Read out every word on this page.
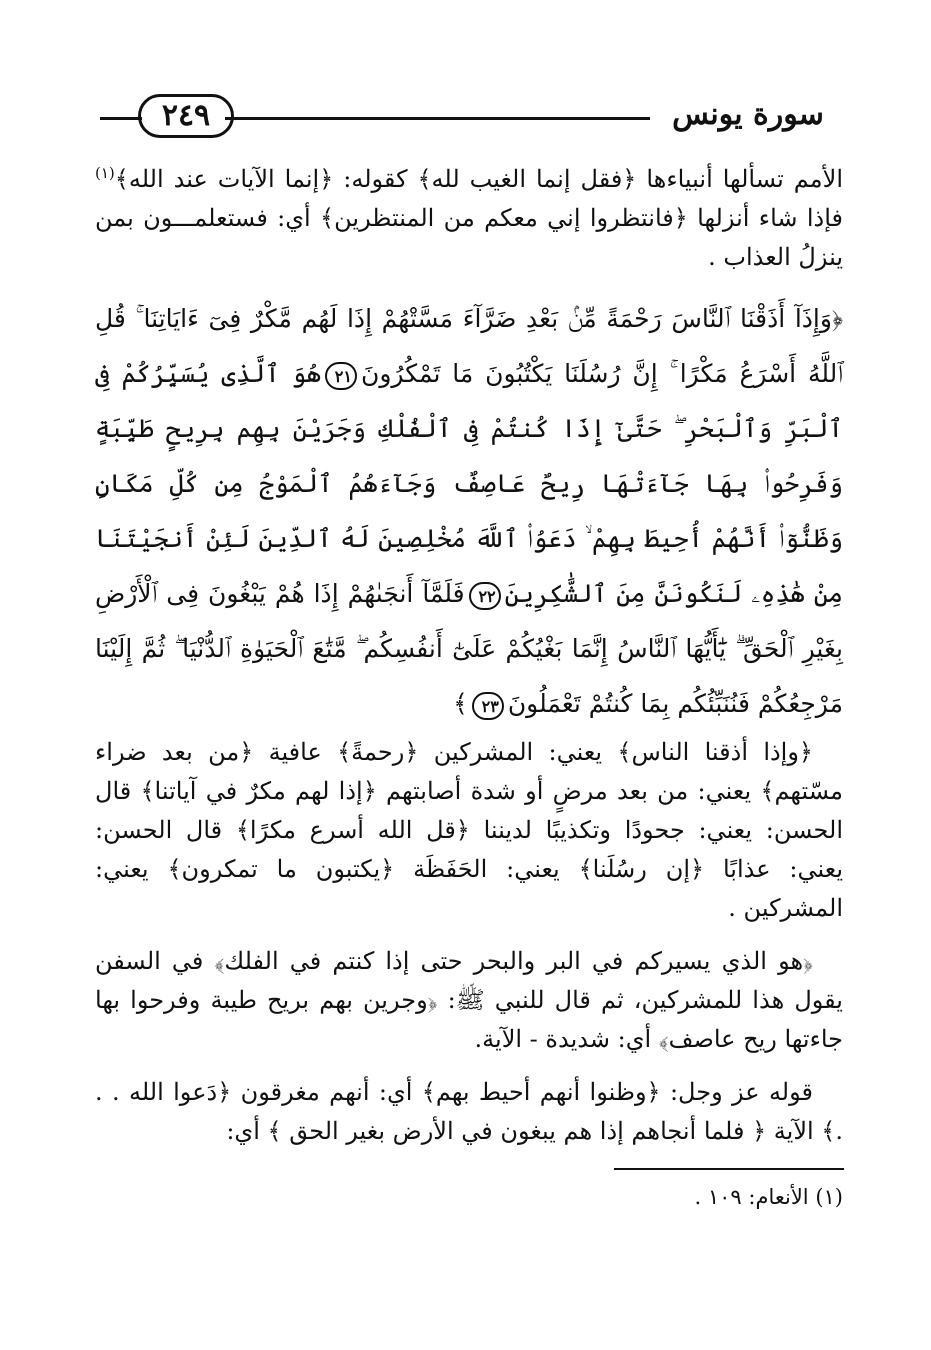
٢٤٩	سورة يونس

الأمم تسألها أنبياءها ﴿فقل إنما الغيب لله﴾ كقوله: ﴿إنما الآيات عند الله﴾$^{(١)}$ فإذا شاء أنزلها ﴿فانتظروا إني معكم من المنتظرين﴾ أي: فستعلمـــون بمن ينزلُ العذاب .

﴿وَإِذَآ أَذَقْنَا ٱلنَّاسَ رَحْمَةً مِّنۢ بَعْدِ ضَرَّآءَ مَسَّتْهُمْ إِذَا لَهُم مَّكْرٌ فِىٓ ءَايَاتِنَا ۚ قُلِ ٱللَّهُ أَسْرَعُ مَكْرًا ۚ إِنَّ رُسُلَنَا يَكْتُبُونَ مَا تَمْكُرُونَ٢١هُوَ ٱلَّذِى يُسَيِّرُكُمْ فِى ٱلْبَرِّ وَٱلْبَحْرِ ۖ حَتَّىٰٓ إِذَا كُنتُمْ فِى ٱلْفُلْكِ وَجَرَيْنَ بِهِم بِرِيحٍ طَيِّبَةٍ وَفَرِحُوا۟ بِهَا جَآءَتْهَا رِيحٌ عَاصِفٌ وَجَآءَهُمُ ٱلْمَوْجُ مِن كُلِّ مَكَانٍ وَظَنُّوٓا۟ أَنَّهُمْ أُحِيطَ بِهِمْ ۙ دَعَوُا۟ ٱللَّهَ مُخْلِصِينَ لَهُ ٱلدِّينَ لَئِنْ أَنجَيْتَنَا مِنْ هَٰذِهِۦ لَنَكُونَنَّ مِنَ ٱلشَّٰكِرِينَ٢٢فَلَمَّآ أَنجَىٰهُمْ إِذَا هُمْ يَبْغُونَ فِى ٱلْأَرْضِ بِغَيْرِ ٱلْحَقِّ ۗ يَٰٓأَيُّهَا ٱلنَّاسُ إِنَّمَا بَغْيُكُمْ عَلَىٰٓ أَنفُسِكُم ۖ مَّتَٰعَ ٱلْحَيَوٰةِ ٱلدُّنْيَا ۖ ثُمَّ إِلَيْنَا مَرْجِعُكُمْ فَنُنَبِّئُكُم بِمَا كُنتُمْ تَعْمَلُونَ٢٣﴾

﴿وإذا أذقنا الناس﴾ يعني: المشركين ﴿رحمةً﴾ عافية ﴿من بعد ضراء مسّتهم﴾ يعني: من بعد مرضٍ أو شدة أصابتهم ﴿إذا لهم مكرٌ في آياتنا﴾ قال الحسن: يعني: جحودًا وتكذيبًا لديننا ﴿قل الله أسرع مكرًا﴾ قال الحسن: يعني: عذابًا ﴿إن رسُلَنا﴾ يعني: الحَفَظَة ﴿يكتبون ما تمكرون﴾ يعني: المشركين .

﴿هو الذي يسيركم في البر والبحر حتى إذا كنتم في الفلك﴾ في السفن يقول هذا للمشركين، ثم قال للنبي ﷺ: ﴿وجرين بهم بريح طيبة وفرحوا بها جاءتها ريح عاصف﴾ أي: شديدة - الآية.

قوله عز وجل: ﴿وظنوا أنهم أحيط بهم﴾ أي: أنهم مغرقون ﴿دَعوا الله . . .﴾ الآية ﴿ فلما أنجاهم إذا هم يبغون في الأرض بغير الحق ﴾ أي:

(١) الأنعام: ١٠٩ .
